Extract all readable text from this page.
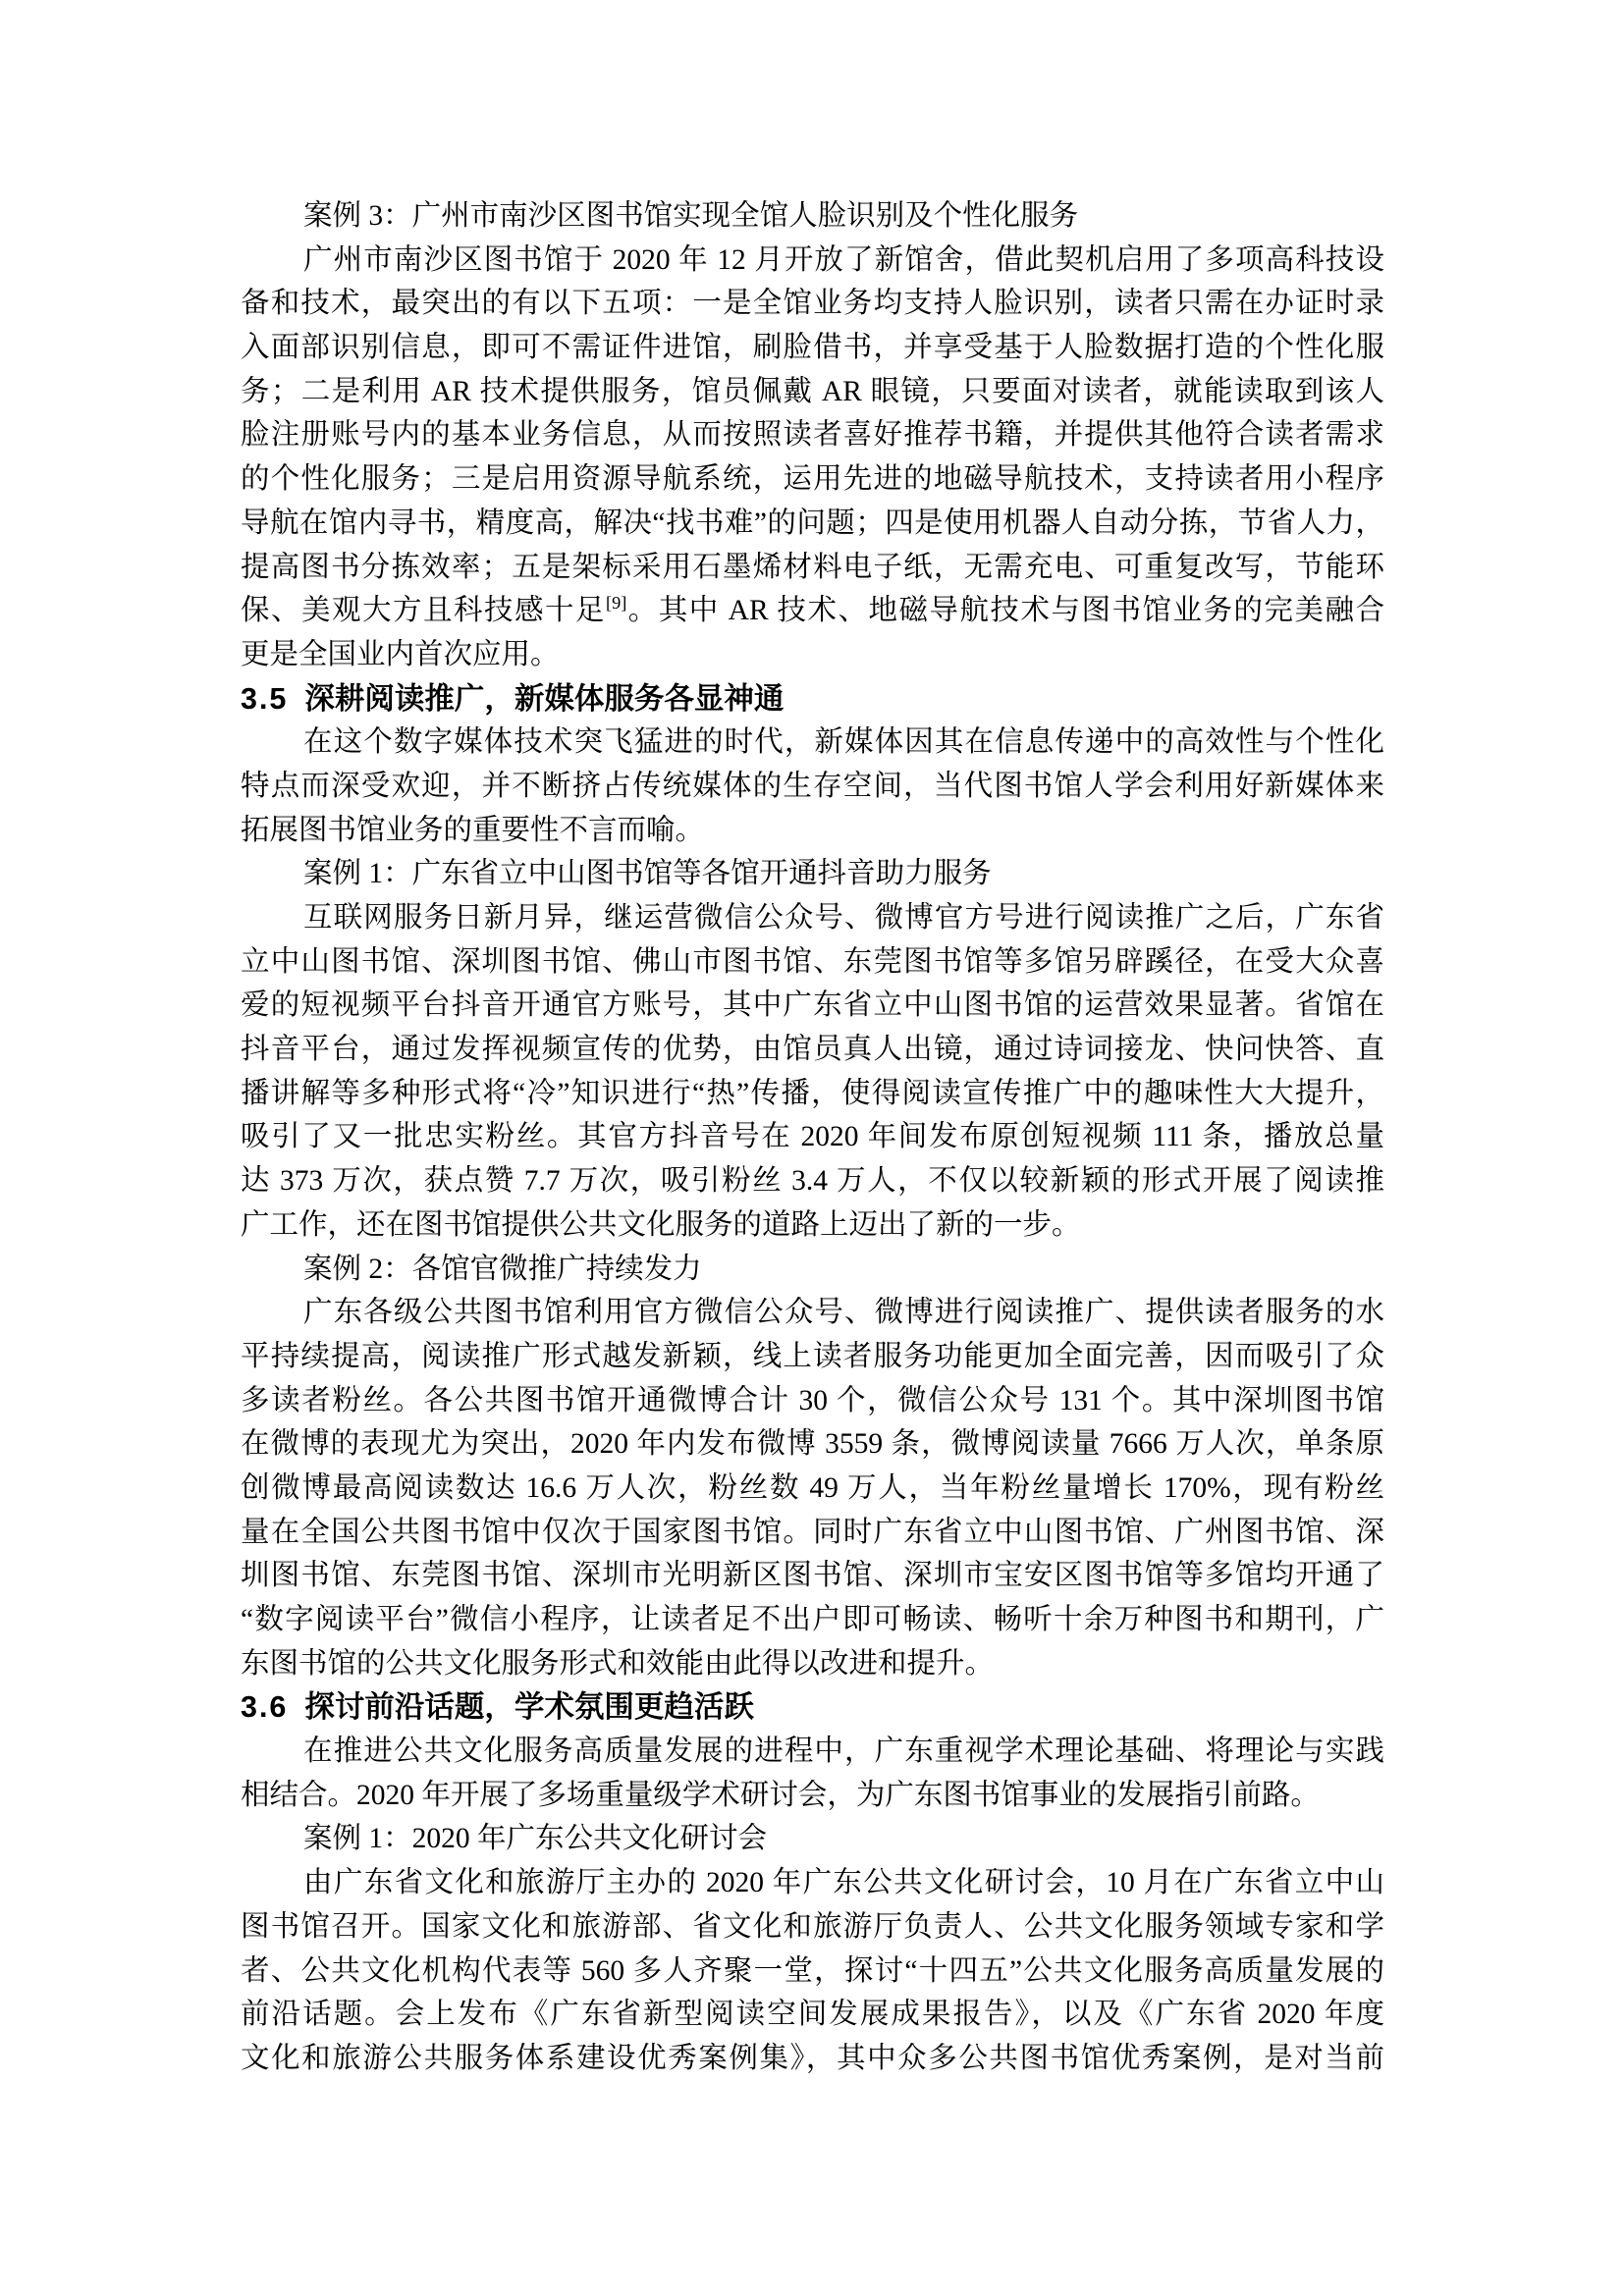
案例 3：广州市南沙区图书馆实现全馆人脸识别及个性化服务
广州市南沙区图书馆于 2020 年 12 月开放了新馆舍，借此契机启用了多项高科技设
备和技术，最突出的有以下五项：一是全馆业务均支持人脸识别，读者只需在办证时录
入面部识别信息，即可不需证件进馆，刷脸借书，并享受基于人脸数据打造的个性化服
务；二是利用 AR 技术提供服务，馆员佩戴 AR 眼镜，只要面对读者，就能读取到该人
脸注册账号内的基本业务信息，从而按照读者喜好推荐书籍，并提供其他符合读者需求
的个性化服务；三是启用资源导航系统，运用先进的地磁导航技术，支持读者用小程序
导航在馆内寻书，精度高，解决“找书难”的问题；四是使用机器人自动分拣，节省人力，
提高图书分拣效率；五是架标采用石墨烯材料电子纸，无需充电、可重复改写，节能环
保、美观大方且科技感十足[9]。其中 AR 技术、地磁导航技术与图书馆业务的完美融合
更是全国业内首次应用。
3.5 深耕阅读推广，新媒体服务各显神通
在这个数字媒体技术突飞猛进的时代，新媒体因其在信息传递中的高效性与个性化
特点而深受欢迎，并不断挤占传统媒体的生存空间，当代图书馆人学会利用好新媒体来
拓展图书馆业务的重要性不言而喻。
案例 1：广东省立中山图书馆等各馆开通抖音助力服务
互联网服务日新月异，继运营微信公众号、微博官方号进行阅读推广之后，广东省
立中山图书馆、深圳图书馆、佛山市图书馆、东莞图书馆等多馆另辟蹊径，在受大众喜
爱的短视频平台抖音开通官方账号，其中广东省立中山图书馆的运营效果显著。省馆在
抖音平台，通过发挥视频宣传的优势，由馆员真人出镜，通过诗词接龙、快问快答、直
播讲解等多种形式将“冷”知识进行“热”传播，使得阅读宣传推广中的趣味性大大提升，
吸引了又一批忠实粉丝。其官方抖音号在 2020 年间发布原创短视频 111 条，播放总量
达 373 万次，获点赞 7.7 万次，吸引粉丝 3.4 万人，不仅以较新颖的形式开展了阅读推
广工作，还在图书馆提供公共文化服务的道路上迈出了新的一步。
案例 2：各馆官微推广持续发力
广东各级公共图书馆利用官方微信公众号、微博进行阅读推广、提供读者服务的水
平持续提高，阅读推广形式越发新颖，线上读者服务功能更加全面完善，因而吸引了众
多读者粉丝。各公共图书馆开通微博合计 30 个，微信公众号 131 个。其中深圳图书馆
在微博的表现尤为突出，2020 年内发布微博 3559 条，微博阅读量 7666 万人次，单条原
创微博最高阅读数达 16.6 万人次，粉丝数 49 万人，当年粉丝量增长 170%，现有粉丝
量在全国公共图书馆中仅次于国家图书馆。同时广东省立中山图书馆、广州图书馆、深
圳图书馆、东莞图书馆、深圳市光明新区图书馆、深圳市宝安区图书馆等多馆均开通了
“数字阅读平台”微信小程序，让读者足不出户即可畅读、畅听十余万种图书和期刊，广
东图书馆的公共文化服务形式和效能由此得以改进和提升。
3.6 探讨前沿话题，学术氛围更趋活跃
在推进公共文化服务高质量发展的进程中，广东重视学术理论基础、将理论与实践
相结合。2020 年开展了多场重量级学术研讨会，为广东图书馆事业的发展指引前路。
案例 1：2020 年广东公共文化研讨会
由广东省文化和旅游厅主办的 2020 年广东公共文化研讨会，10 月在广东省立中山
图书馆召开。国家文化和旅游部、省文化和旅游厅负责人、公共文化服务领域专家和学
者、公共文化机构代表等 560 多人齐聚一堂，探讨“十四五”公共文化服务高质量发展的
前沿话题。会上发布《广东省新型阅读空间发展成果报告》，以及《广东省 2020 年度
文化和旅游公共服务体系建设优秀案例集》，其中众多公共图书馆优秀案例，是对当前
